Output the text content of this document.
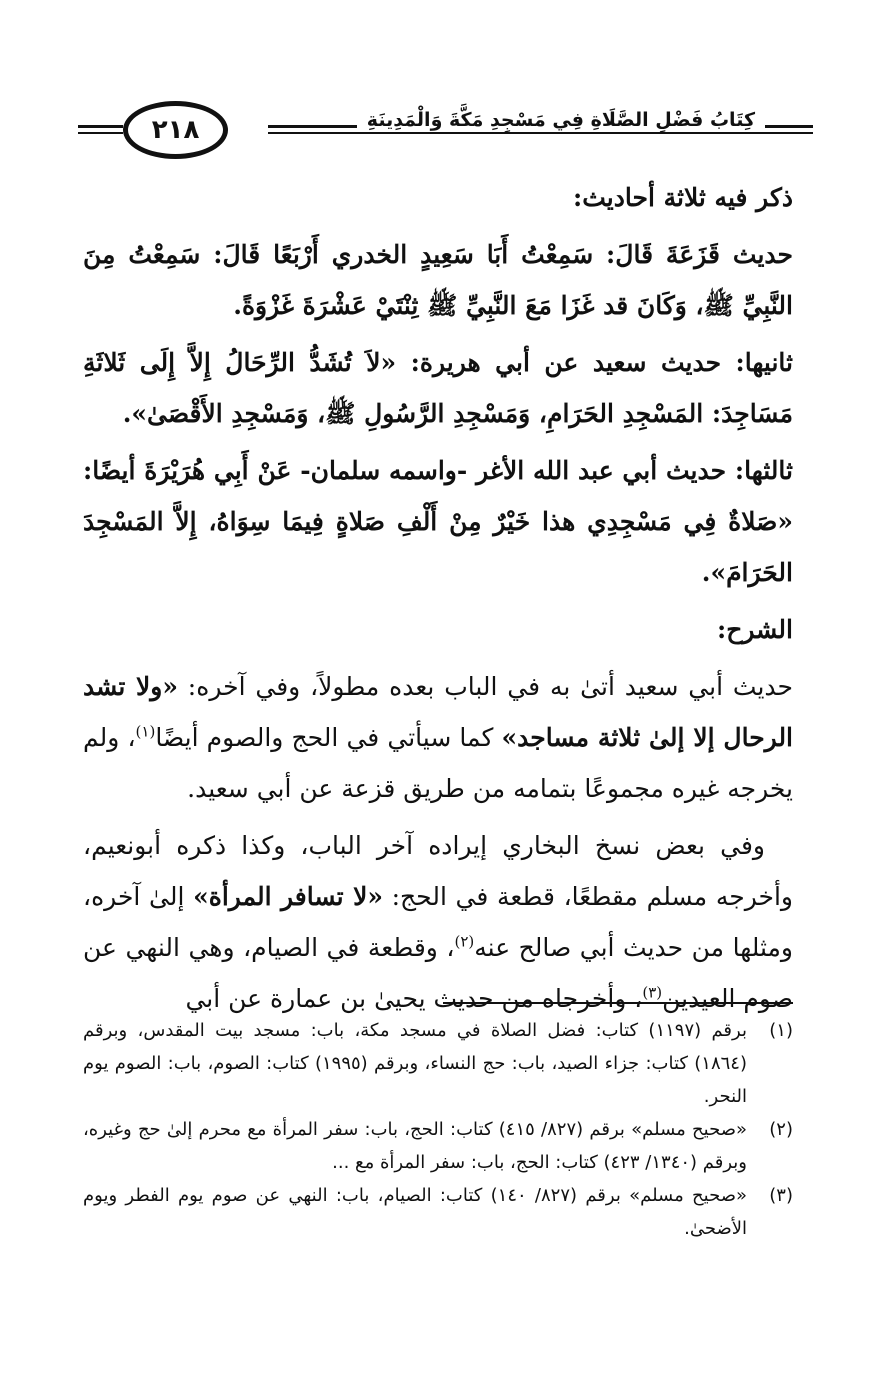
٢١٨	كِتَابُ فَضْلِ الصَّلَاةِ فِي مَسْجِدِ مَكَّةَ وَالْمَدِينَةِ

ذكر فيه ثلاثة أحاديث:

حديث قَزَعَةَ قَالَ: سَمِعْتُ أَبَا سَعِيدٍ الخدري أَرْبَعًا قَالَ: سَمِعْتُ مِنَ النَّبِيِّ ﷺ، وَكَانَ قد غَزَا مَعَ النَّبِيِّ ﷺ ثِنْتَيْ عَشْرَةَ غَزْوَةً.

ثانيها: حديث سعيد عن أبي هريرة: «لاَ تُشَدُّ الرِّحَالُ إِلاَّ إِلَى ثَلاثَةِ مَسَاجِدَ: المَسْجِدِ الحَرَامِ، وَمَسْجِدِ الرَّسُولِ ﷺ، وَمَسْجِدِ الأَقْصَىٰ».

ثالثها: حديث أبي عبد الله الأغر -واسمه سلمان- عَنْ أَبِي هُرَيْرَةَ أيضًا: «صَلاةٌ فِي مَسْجِدِي هذا خَيْرٌ مِنْ أَلْفِ صَلاةٍ فِيمَا سِوَاهُ، إِلاَّ المَسْجِدَ الحَرَامَ».

الشرح:

حديث أبي سعيد أتىٰ به في الباب بعده مطولاً، وفي آخره: «ولا تشد الرحال إلا إلىٰ ثلاثة مساجد» كما سيأتي في الحج والصوم أيضًا$^{(١)}$، ولم يخرجه غيره مجموعًا بتمامه من طريق قزعة عن أبي سعيد.

وفي بعض نسخ البخاري إيراده آخر الباب، وكذا ذكره أبونعيم، وأخرجه مسلم مقطعًا، قطعة في الحج: «لا تسافر المرأة» إلىٰ آخره، ومثلها من حديث أبي صالح عنه$^{(٢)}$، وقطعة في الصيام، وهي النهي عن صوم العيدين$^{(٣)}$، وأخرجاه من حديث يحيىٰ بن عمارة عن أبي

(١)
برقم (١١٩٧) كتاب: فضل الصلاة في مسجد مكة، باب: مسجد بيت المقدس، وبرقم (١٨٦٤) كتاب: جزاء الصيد، باب: حج النساء، وبرقم (١٩٩٥) كتاب: الصوم، باب: الصوم يوم النحر.
(٢)
«صحيح مسلم» برقم (٨٢٧/ ٤١٥) كتاب: الحج، باب: سفر المرأة مع محرم إلىٰ حج وغيره، وبرقم (١٣٤٠/ ٤٢٣) كتاب: الحج، باب: سفر المرأة مع ...
(٣)
«صحيح مسلم» برقم (٨٢٧/ ١٤٠) كتاب: الصيام، باب: النهي عن صوم يوم الفطر ويوم الأضحىٰ.
